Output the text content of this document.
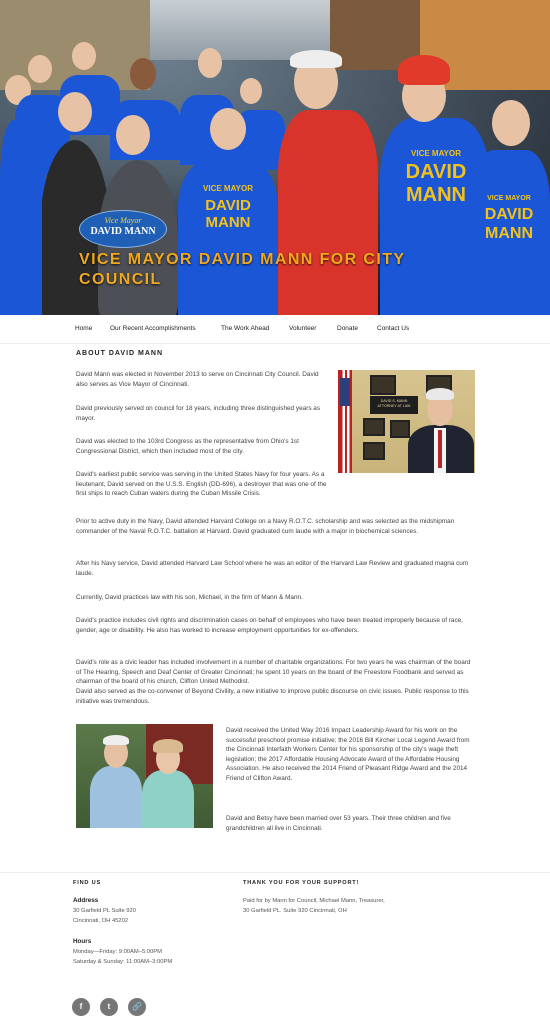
VICE MAYOR
DAVID
MANN
VICE MAYOR
DAVID
MANN	VICE MAYOR
DAVID
MANN
Vice Mayor
DAVID MANN
VICE MAYOR DAVID MANN FOR CITY COUNCIL
Home	Our Recent Accomplishments	The Work Ahead	Volunteer	Donate	Contact Us
ABOUT DAVID MANN
DAVID S. MANN
ATTORNEY AT LAW
David Mann was elected in November 2013 to serve on Cincinnati City Council. David also serves as Vice Mayor of Cincinnati.
David previously served on council for 18 years, including three distinguished years as mayor.
David was elected to the 103rd Congress as the representative from Ohio's 1st Congressional District, which then included most of the city.
David's earliest public service was serving in the United States Navy for four years. As a lieutenant, David served on the U.S.S. English (DD-696), a destroyer that was one of the first ships to reach Cuban waters during the Cuban Missile Crisis.
Prior to active duty in the Navy, David attended Harvard College on a Navy R.O.T.C. scholarship and was selected as the midshipman commander of the Naval R.O.T.C. battalion at Harvard. David graduated cum laude with a major in biochemical sciences.
After his Navy service, David attended Harvard Law School where he was an editor of the Harvard Law Review and graduated magna cum laude.
Currently, David practices law with his son, Michael, in the firm of Mann & Mann.
David's practice includes civil rights and discrimination cases on behalf of employees who have been treated improperly because of race, gender, age or disability. He also has worked to increase employment opportunities for ex-offenders.
David's role as a civic leader has included involvement in a number of charitable organizations: For two years he was chairman of the board of The Hearing, Speech and Deaf Center of Greater Cincinnati; he spent 10 years on the board of the Freestore Foodbank and served as chairman of the board of his church, Clifton United Methodist.
David also served as the co-convener of Beyond Civility, a new initiative to improve public discourse on civic issues. Public response to this initiative was tremendous.
David received the United Way 2016 Impact Leadership Award for his work on the successful preschool promise initiative; the 2016 Bill Kircher Local Legend Award from the Cincinnati Interfaith Workers Center for his sponsorship of the city's wage theft legislation; the 2017 Affordable Housing Advocate Award of the Affordable Housing Association. He also received the 2014 Friend of Pleasant Ridge Award and the 2014 Friend of Clifton Award.
David and Betsy have been married over 53 years. Their three children and five grandchildren all live in Cincinnati.
FIND US
Address
30 Garfield PL Suite 920
Cincinnati, OH 45202
Hours
Monday—Friday: 9:00AM–5:00PM
Saturday & Sunday: 11:00AM–3:00PM
THANK YOU FOR YOUR SUPPORT!
Paid for by Mann for Council, Michael Mann, Treasurer,
30 Garfield PL. Suite 920 Cincinnati, OH
f	t	🔗
